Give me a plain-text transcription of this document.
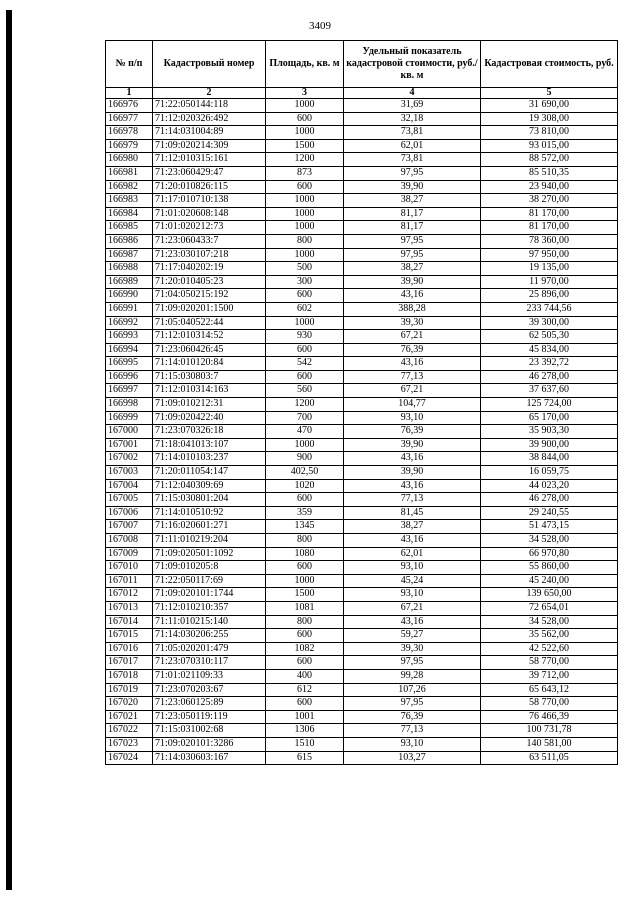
3409
№ п/п	Кадастровый номер	Площадь, кв. м	Удельный показатель кадастровой стоимости, руб./кв. м	Кадастровая стоимость, руб.
1	2	3	4	5
166976	71:22:050144:118	1000	31,69	31 690,00
166977	71:12:020326:492	600	32,18	19 308,00
166978	71:14:031004:89	1000	73,81	73 810,00
166979	71:09:020214:309	1500	62,01	93 015,00
166980	71:12:010315:161	1200	73,81	88 572,00
166981	71:23:060429:47	873	97,95	85 510,35
166982	71:20:010826:115	600	39,90	23 940,00
166983	71:17:010710:138	1000	38,27	38 270,00
166984	71:01:020608:148	1000	81,17	81 170,00
166985	71:01:020212:73	1000	81,17	81 170,00
166986	71:23:060433:7	800	97,95	78 360,00
166987	71:23:030107:218	1000	97,95	97 950,00
166988	71:17:040202:19	500	38,27	19 135,00
166989	71:20:010405:23	300	39,90	11 970,00
166990	71:04:050215:192	600	43,16	25 896,00
166991	71:09:020201:1500	602	388,28	233 744,56
166992	71:05:040522:44	1000	39,30	39 300,00
166993	71:12:010314:52	930	67,21	62 505,30
166994	71:23:060426:45	600	76,39	45 834,00
166995	71:14:010120:84	542	43,16	23 392,72
166996	71:15:030803:7	600	77,13	46 278,00
166997	71:12:010314:163	560	67,21	37 637,60
166998	71:09:010212:31	1200	104,77	125 724,00
166999	71:09:020422:40	700	93,10	65 170,00
167000	71:23:070326:18	470	76,39	35 903,30
167001	71:18:041013:107	1000	39,90	39 900,00
167002	71:14:010103:237	900	43,16	38 844,00
167003	71:20:011054:147	402,50	39,90	16 059,75
167004	71:12:040309:69	1020	43,16	44 023,20
167005	71:15:030801:204	600	77,13	46 278,00
167006	71:14:010510:92	359	81,45	29 240,55
167007	71:16:020601:271	1345	38,27	51 473,15
167008	71:11:010219:204	800	43,16	34 528,00
167009	71:09:020501:1092	1080	62,01	66 970,80
167010	71:09:010205:8	600	93,10	55 860,00
167011	71:22:050117:69	1000	45,24	45 240,00
167012	71:09:020101:1744	1500	93,10	139 650,00
167013	71:12:010210:357	1081	67,21	72 654,01
167014	71:11:010215:140	800	43,16	34 528,00
167015	71:14:030206:255	600	59,27	35 562,00
167016	71:05:020201:479	1082	39,30	42 522,60
167017	71:23:070310:117	600	97,95	58 770,00
167018	71:01:021109:33	400	99,28	39 712,00
167019	71:23:070203:67	612	107,26	65 643,12
167020	71:23:060125:89	600	97,95	58 770,00
167021	71:23:050119:119	1001	76,39	76 466,39
167022	71:15:031002:68	1306	77,13	100 731,78
167023	71:09:020101:3286	1510	93,10	140 581,00
167024	71:14:030603:167	615	103,27	63 511,05
